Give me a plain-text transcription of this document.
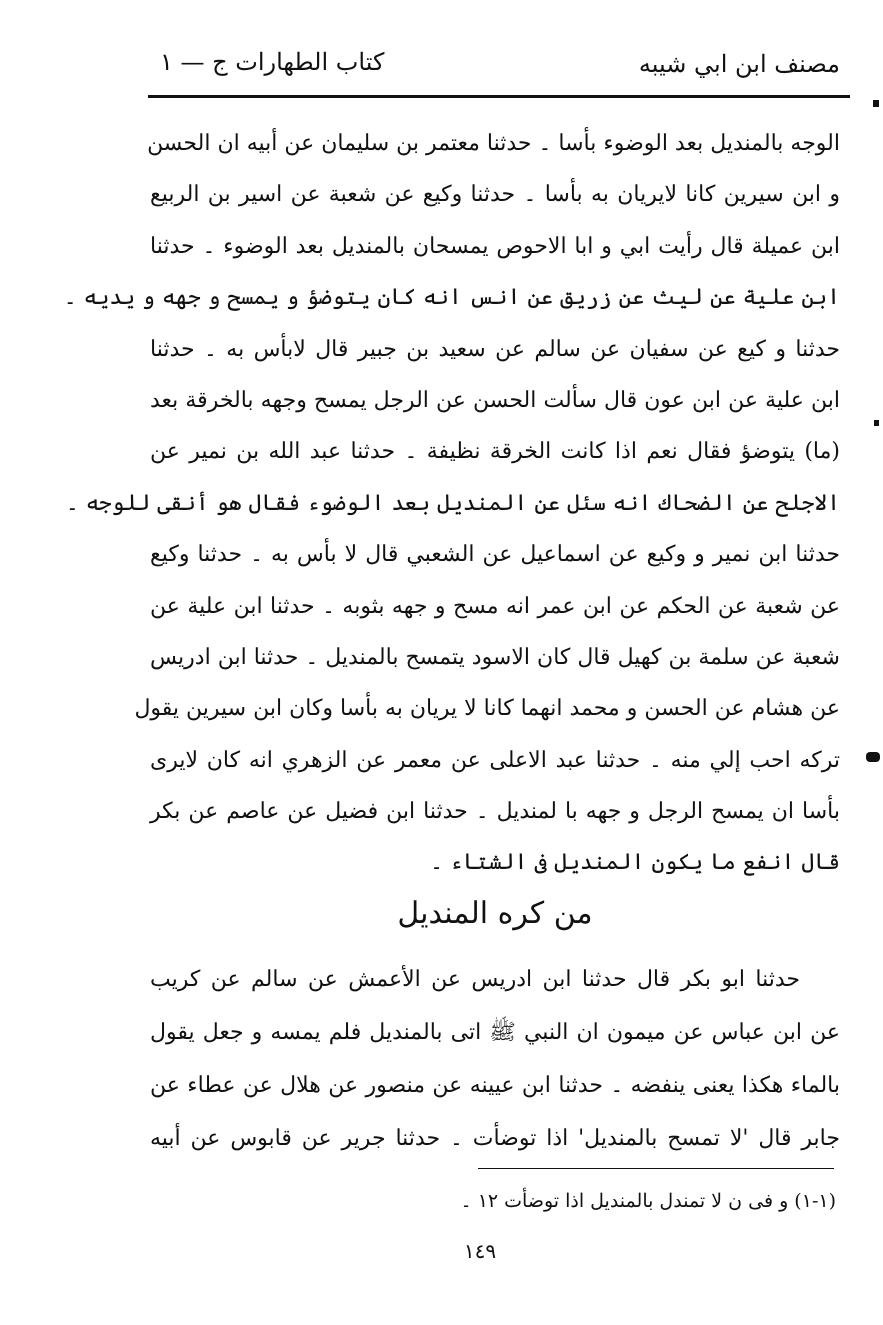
مصنف ابن ابي شيبه
كتاب الطهارات ج — ١
الوجه بالمنديل بعد الوضوء بأسا ۔ حدثنا معتمر بن سليمان عن أبيه ان الحسن
و ابن سيرين كانا لايريان به بأسا ۔ حدثنا وكيع عن شعبة عن اسير بن الربيع
ابن عميلة قال رأيت ابي و ابا الاحوص يمسحان بالمنديل بعد الوضوء ۔ حدثنا
ابن علية عن ليث عن زريق عن انس انه كان يتوضؤ و يمسح و جهه و يديه ۔
حدثنا و كيع عن سفيان عن سالم عن سعيد بن جبير قال لابأس به ۔ حدثنا
ابن علية عن ابن عون قال سألت الحسن عن الرجل يمسح وجهه بالخرقة بعد
(ما) يتوضؤ فقال نعم اذا كانت الخرقة نظيفة ۔ حدثنا عبد الله بن نمير عن
الاجلح عن الضحاك انه سئل عن المنديل بعد الوضوء فقال هو أنقى للوجه ۔
حدثنا ابن نمير و وكيع عن اسماعيل عن الشعبي قال لا بأس به ۔ حدثنا وكيع
عن شعبة عن الحكم عن ابن عمر انه مسح و جهه بثوبه ۔ حدثنا ابن علية عن
شعبة عن سلمة بن كهيل قال كان الاسود يتمسح بالمنديل ۔ حدثنا ابن ادريس
عن هشام عن الحسن و محمد انهما كانا لا يريان به بأسا وكان ابن سيرين يقول
تركه احب إلي منه ۔ حدثنا عبد الاعلى عن معمر عن الزهري انه كان لايرى
بأسا ان يمسح الرجل و جهه با لمنديل ۔ حدثنا ابن فضيل عن عاصم عن بكر
قال انفع ما يكون المنديل فى الشتاء ۔
من كره المنديل
حدثنا ابو بكر قال حدثنا ابن ادريس عن الأعمش عن سالم عن كريب
عن ابن عباس عن ميمون ان النبي ﷺ اتى بالمنديل فلم يمسه و جعل يقول
بالماء هكذا يعنى ينفضه ۔ حدثنا ابن عيينه عن منصور عن هلال عن عطاء عن
جابر قال 'لا تمسح بالمنديل' اذا توضأت ۔ حدثنا جرير عن قابوس عن أبيه
(١-١) و فى ن لا تمندل بالمنديل اذا توضأت ١٢ ۔
١٤٩
